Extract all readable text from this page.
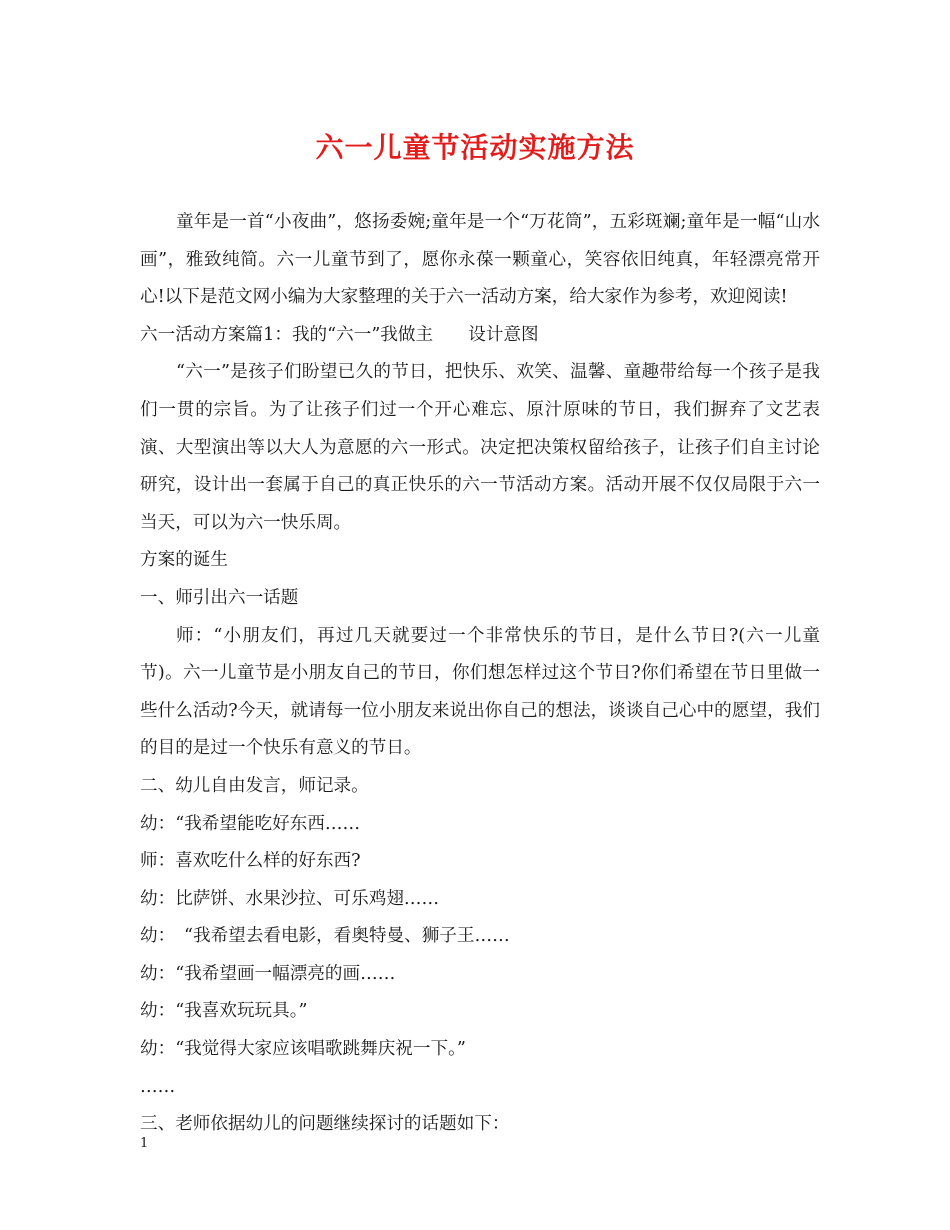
六一儿童节活动实施方法

童年是一首“小夜曲”，悠扬委婉;童年是一个“万花筒”，五彩斑斓;童年是一幅“山水画”，雅致纯简。六一儿童节到了，愿你永葆一颗童心，笑容依旧纯真，年轻漂亮常开心!以下是范文网小编为大家整理的关于六一活动方案，给大家作为参考，欢迎阅读!

六一活动方案篇1：我的“六一”我做主　　设计意图

“六一”是孩子们盼望已久的节日，把快乐、欢笑、温馨、童趣带给每一个孩子是我们一贯的宗旨。为了让孩子们过一个开心难忘、原汁原味的节日，我们摒弃了文艺表演、大型演出等以大人为意愿的六一形式。决定把决策权留给孩子，让孩子们自主讨论研究，设计出一套属于自己的真正快乐的六一节活动方案。活动开展不仅仅局限于六一当天，可以为六一快乐周。

方案的诞生

一、师引出六一话题

师：“小朋友们，再过几天就要过一个非常快乐的节日，是什么节日?(六一儿童节)。六一儿童节是小朋友自己的节日，你们想怎样过这个节日?你们希望在节日里做一些什么活动?今天，就请每一位小朋友来说出你自己的想法，谈谈自己心中的愿望，我们的目的是过一个快乐有意义的节日。

二、幼儿自由发言，师记录。

幼：“我希望能吃好东西……

师：喜欢吃什么样的好东西?

幼：比萨饼、水果沙拉、可乐鸡翅……

幼：　“我希望去看电影，看奥特曼、狮子王……

幼：“我希望画一幅漂亮的画……

幼：“我喜欢玩玩具。”

幼：“我觉得大家应该唱歌跳舞庆祝一下。”

……

三、老师依据幼儿的问题继续探讨的话题如下：

1
